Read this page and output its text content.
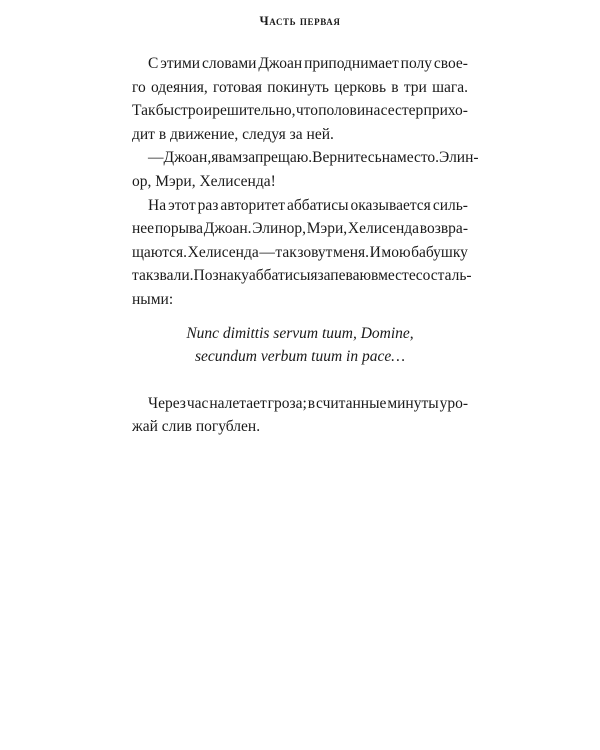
Часть первая
С этими словами Джоан приподнимает полу свое-
го одеяния, готовая покинуть церковь в три шага.
Так быстро и решительно, что половина сестер прихо-
дит в движение, следуя за ней.
— Джоан, я вам запрещаю. Вернитесь на место. Элин-
ор, Мэри, Хелисенда!
На этот раз авторитет аббатисы оказывается силь-
нее порыва Джоан. Элинор, Мэри, Хелисенда возвра-
щаются. Хелисенда — так зовут меня. И мою бабушку
так звали. По знаку аббатисы я запеваю вместе с осталь-
ными:
Nunc dimittis servum tuum, Domine,
secundum verbum tuum in pace…
Через час налетает гроза; в считанные минуты уро-
жай слив погублен.
